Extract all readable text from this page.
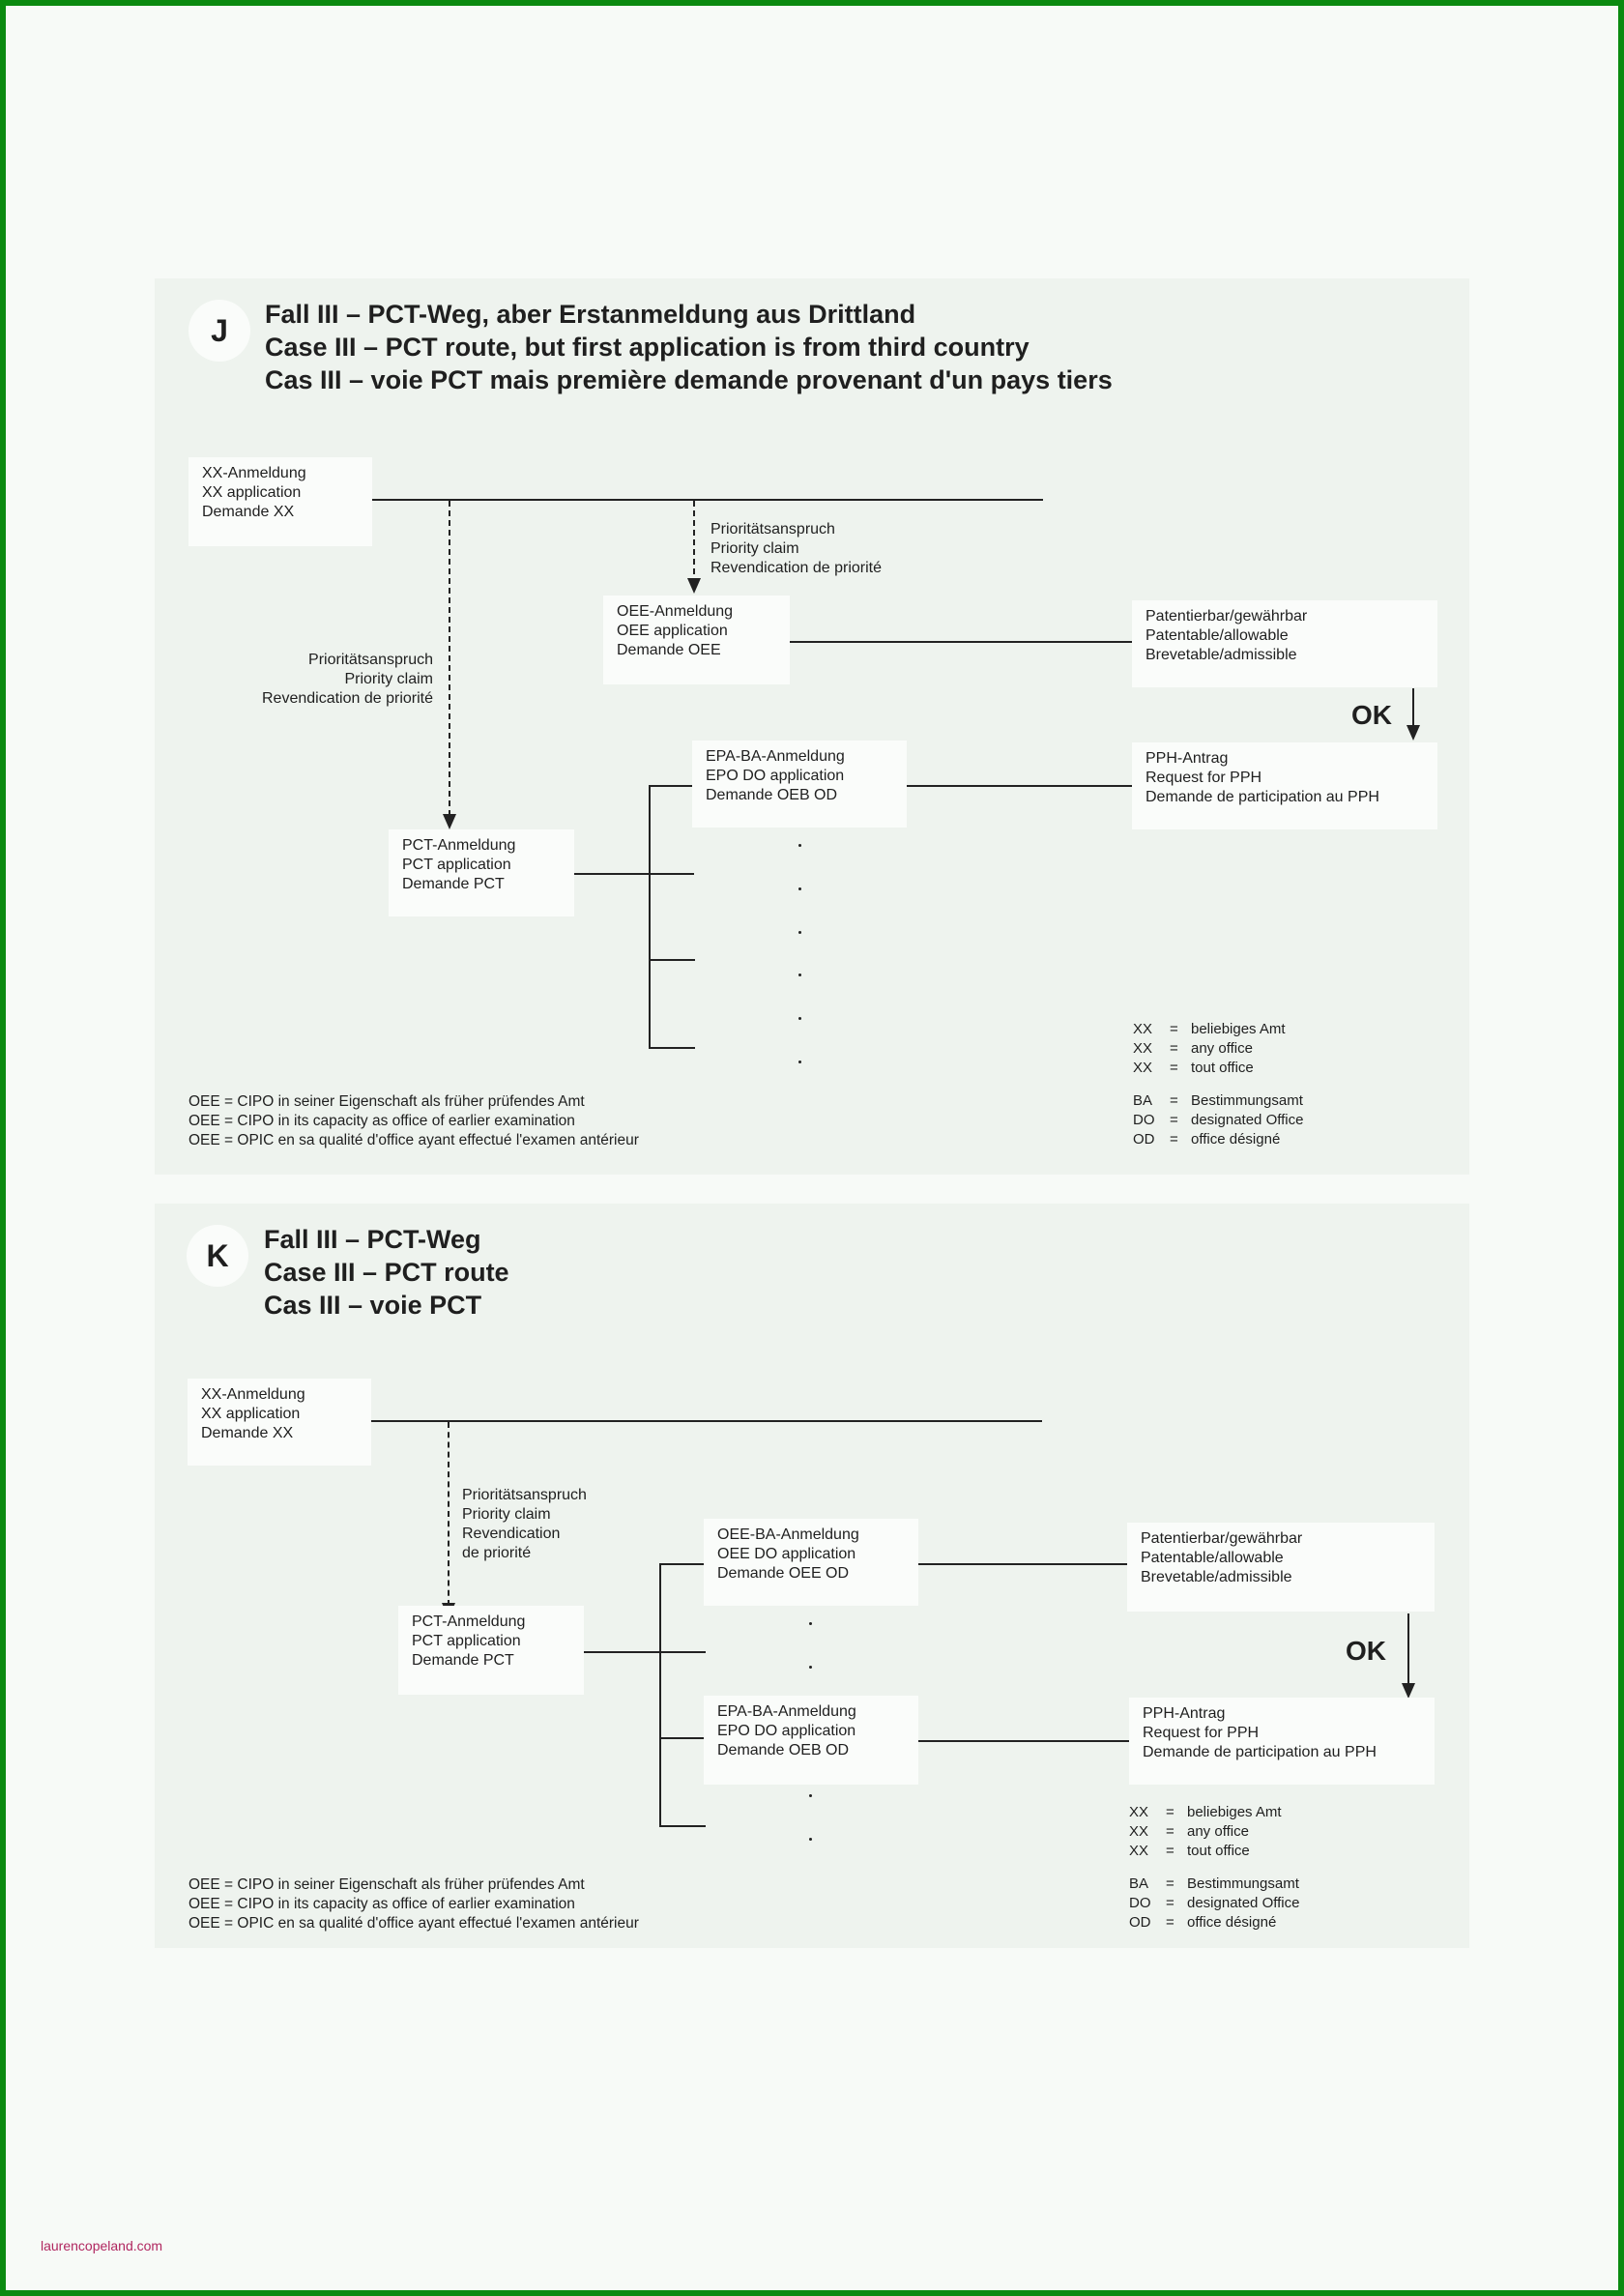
J	Fall III – PCT-Weg, aber Erstanmeldung aus Drittland
Case III – PCT route, but first application is from third country
Cas III – voie PCT mais première demande provenant d'un pays tiers
XX-Anmeldung
XX application
Demande XX
Prioritätsanspruch
Priority claim
Revendication de priorité
OEE-Anmeldung
OEE application
Demande OEE
Prioritätsanspruch
Priority claim
Revendication de priorité
Patentierbar/gewährbar
Patentable/allowable
Brevetable/admissible
OK
EPA-BA-Anmeldung
EPO DO application
Demande OEB OD
PPH-Antrag
Request for PPH
Demande de participation au PPH
PCT-Anmeldung
PCT application
Demande PCT
XX	= beliebiges Amt
XX	= any office
XX	= tout office
BA	= Bestimmungsamt
DO	= designated Office
OD	= office désigné
OEE = CIPO in seiner Eigenschaft als früher prüfendes Amt
OEE = CIPO in its capacity as office of earlier examination
OEE = OPIC en sa qualité d'office ayant effectué l'examen antérieur
K	Fall III – PCT-Weg
Case III – PCT route
Cas III – voie PCT
XX-Anmeldung
XX application
Demande XX
Prioritätsanspruch
Priority claim
Revendication
de priorité
PCT-Anmeldung
PCT application
Demande PCT
OEE-BA-Anmeldung
OEE DO application
Demande OEE OD
Patentierbar/gewährbar
Patentable/allowable
Brevetable/admissible
OK
EPA-BA-Anmeldung
EPO DO application
Demande OEB OD
PPH-Antrag
Request for PPH
Demande de participation au PPH
XX	= beliebiges Amt
XX	= any office
XX	= tout office
BA	= Bestimmungsamt
DO	= designated Office
OD	= office désigné
OEE = CIPO in seiner Eigenschaft als früher prüfendes Amt
OEE = CIPO in its capacity as office of earlier examination
OEE = OPIC en sa qualité d'office ayant effectué l'examen antérieur
laurencopeland.com
